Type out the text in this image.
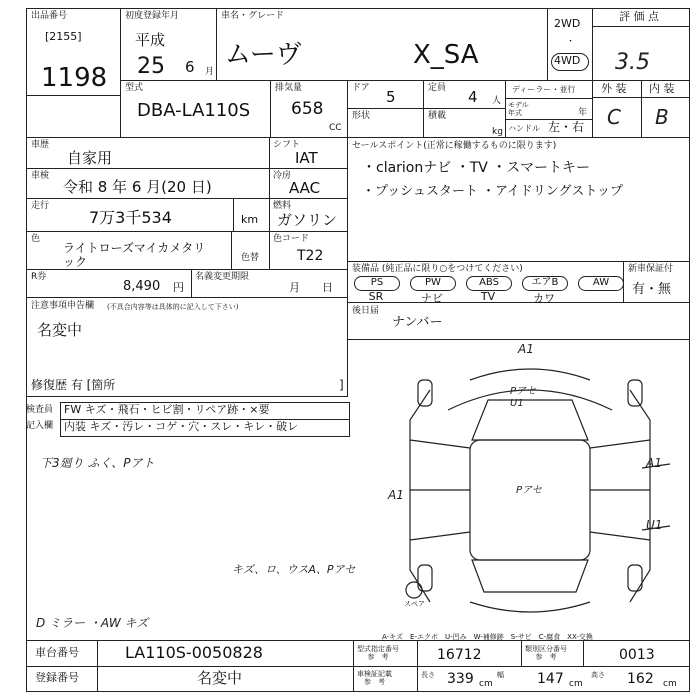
出品番号
[2155]
1198
初度登録年月
平成
25 6 月
車名・グレード
ムーヴ	X_SA
2WD
・
4WD
評 価 点
3.5
外 装 内 装
C B
型式
DBA-LA110S
排気量
658
CC
ドア 5	定員 4 人
ディーラー・並行
モデル
年式	年
ハンドル 左・右
形状	積載
kg
車歴
自家用
車検
令和 8 年 6 月(20 日)
走行
7万3千534	km
色
ライトローズマイカメタリ
ック	色替
R券
8,490 円
名義変更期限
月　　日
シフト
IAT
冷房
AAC
燃料
ガソリン
色コード
T22
セールスポイント(正常に稼働するものに限ります)
・clarionナビ ・TV ・スマートキー
・プッシュスタート ・アイドリングストップ
装備品 (純正品に限り○をつけてください)
PS	PW	ABS	エアB	AW
SR	ナビ	TV	カワ
新車保証付
有・無
後日届
ナンバー
注意事項申告欄 (不具合内容等は具体的に記入して下さい)
名変中
修復歴 有 [箇所	]
検査員
記入欄
FW キズ・飛石・ヒビ割・リペア跡・×要
内装 キズ・汚レ・コゲ・穴・スレ・キレ・破レ
下3廻り ふく、Pアト
キズ、ロ、ウスA、Pアセ
D ミラー ・AW キズ
A1
Pアセ
U1
Pアセ
A1
A1
U1
スペア
A-キズ　E-エクボ　U-凹み　W-補修跡　S-サビ　C-腐食　XX-交換
車台番号	LA110S-0050828
登録番号	名変中
型式指定番号
参　考	16712	類別区分番号
参　考	0013
車検証記載
参　考
長さ 339 cm
幅 147 cm
高さ 162 cm
